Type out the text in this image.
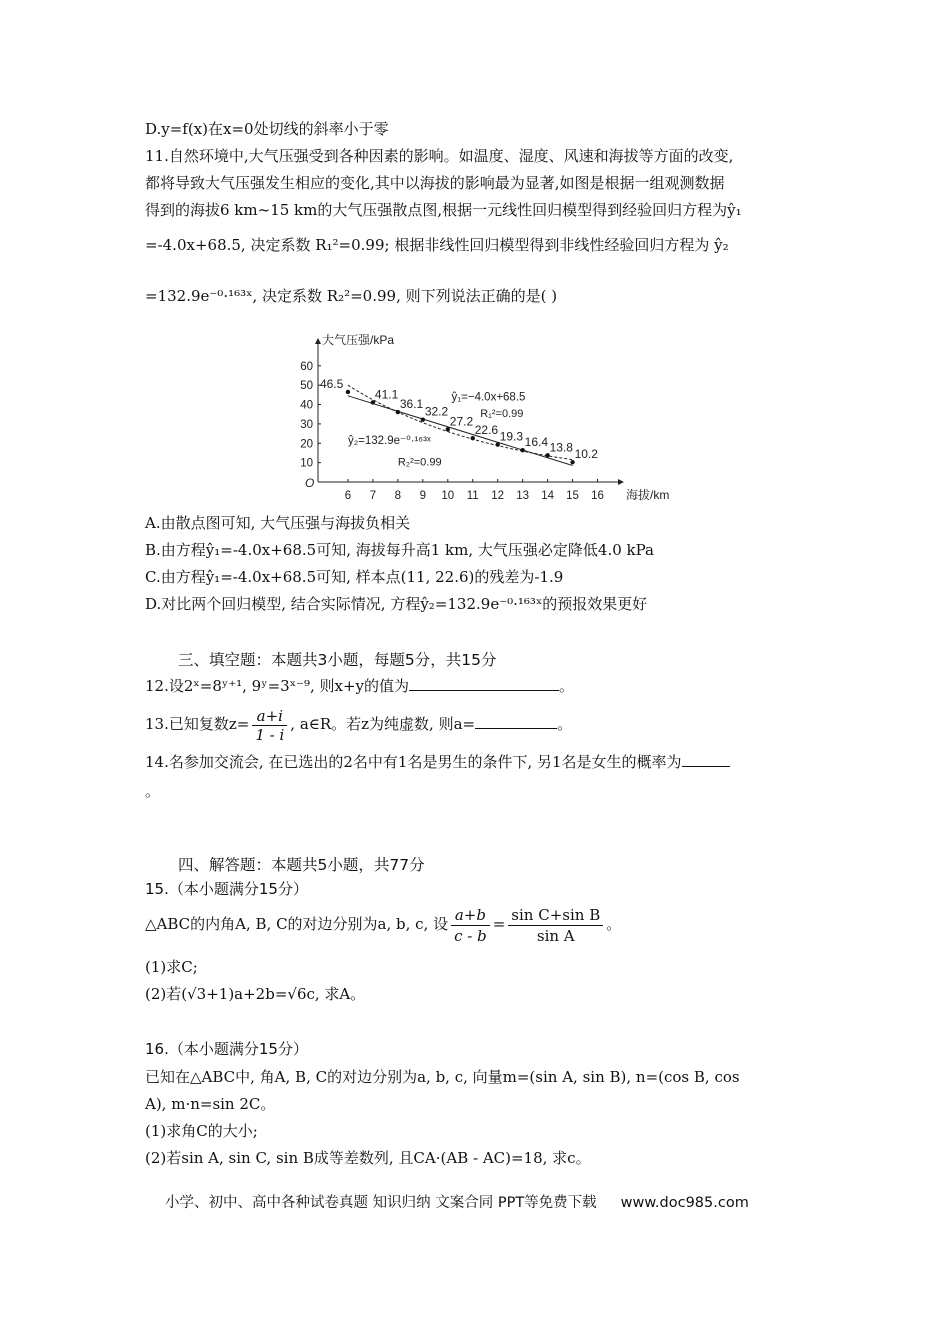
D.y=f(x)在x=0处切线的斜率小于零
11.自然环境中,大气压强受到各种因素的影响。如温度、湿度、风速和海拔等方面的改变,
都将导致大气压强发生相应的变化,其中以海拔的影响最为显著,如图是根据一组观测数据
得到的海拔6 km~15 km的大气压强散点图,根据一元线性回归模型得到经验回归方程为ŷ₁
=-4.0x+68.5, 决定系数 R₁²=0.99; 根据非线性回归模型得到非线性经验回归方程为 ŷ₂
=132.9e⁻⁰·¹⁶³ˣ, 决定系数 R₂²=0.99, 则下列说法正确的是( )
大气压强/kPa
海拔/km
O
6 7 8 9 10 11 12 13 14 15 16
10
20
30
40
50
60
46.5
41.1
36.1
32.2
27.2
22.6 19.3 16.4 13.8 10.2
ŷ₁=−4.0x+68.5
R₁²=0.99
ŷ₂=132.9e⁻⁰·¹⁶³ˣ
R₂²=0.99
A.由散点图可知, 大气压强与海拔负相关
B.由方程ŷ₁=-4.0x+68.5可知, 海拔每升高1 km, 大气压强必定降低4.0 kPa
C.由方程ŷ₁=-4.0x+68.5可知, 样本点(11, 22.6)的残差为-1.9
D.对比两个回归模型, 结合实际情况, 方程ŷ₂=132.9e⁻⁰·¹⁶³ˣ的预报效果更好
三、填空题：本题共3小题，每题5分，共15分
12.设2ˣ=8ʸ⁺¹, 9ʸ=3ˣ⁻⁹, 则x+y的值为	。
13.已知复数$z= \frac{a+i}{1 - i}$ , a∈R。若z为纯虚数, 则a=	。
14.名参加交流会, 在已选出的2名中有1名是男生的条件下, 另1名是女生的概率为
。
四、解答题：本题共5小题，共77分
15.（本小题满分15分）
△ABC的内角A, B, C的对边分别为a, b, c, 设 $\frac{a+b}{c - b} = \frac{\text{sin C+sin B}}{\text{sin A}}$ 。
(1)求C;
(2)若(√3+1)a+2b=√6c, 求A。
16.（本小题满分15分）
已知在△ABC中, 角A, B, C的对边分别为a, b, c, 向量m=(sin A, sin B), n=(cos B, cos
A), m·n=sin 2C。
(1)求角C的大小;
(2)若sin A, sin C, sin B成等差数列, 且CA·(AB - AC)=18, 求c。
小学、初中、高中各种试卷真题 知识归纳 文案合同 PPT等免费下载 www.doc985.com
